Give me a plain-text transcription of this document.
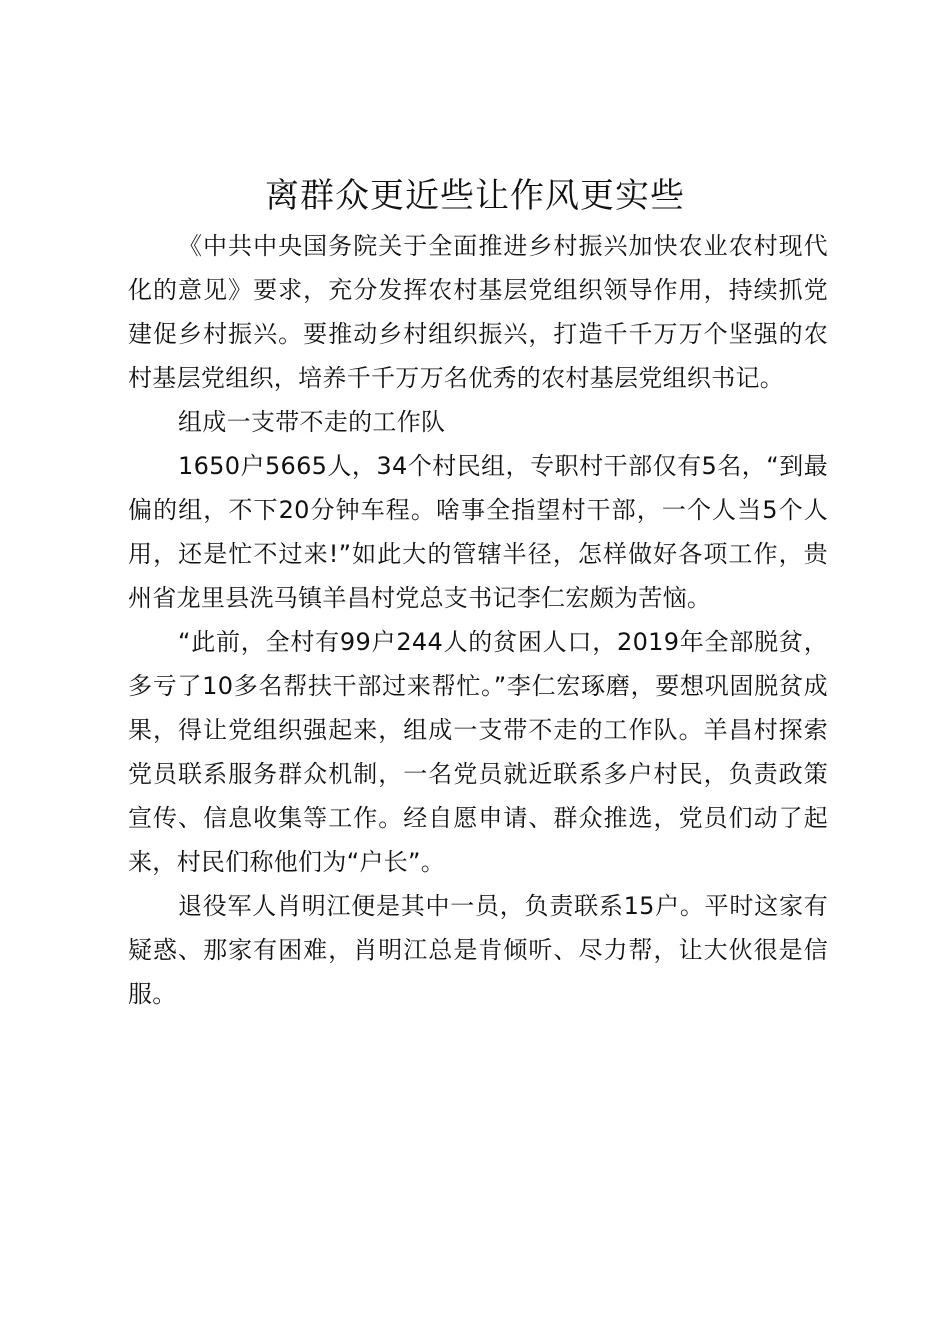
离群众更近些让作风更实些

《中共中央国务院关于全面推进乡村振兴加快农业农村现代化的意见》要求，充分发挥农村基层党组织领导作用，持续抓党建促乡村振兴。要推动乡村组织振兴，打造千千万万个坚强的农村基层党组织，培养千千万万名优秀的农村基层党组织书记。

组成一支带不走的工作队

1650户5665人，34个村民组，专职村干部仅有5名，“到最偏的组，不下20分钟车程。啥事全指望村干部，一个人当5个人用，还是忙不过来!”如此大的管辖半径，怎样做好各项工作，贵州省龙里县洗马镇羊昌村党总支书记李仁宏颇为苦恼。

“此前，全村有99户244人的贫困人口，2019年全部脱贫，多亏了10多名帮扶干部过来帮忙。”李仁宏琢磨，要想巩固脱贫成果，得让党组织强起来，组成一支带不走的工作队。羊昌村探索党员联系服务群众机制，一名党员就近联系多户村民，负责政策宣传、信息收集等工作。经自愿申请、群众推选，党员们动了起来，村民们称他们为“户长”。

退役军人肖明江便是其中一员，负责联系15户。平时这家有疑惑、那家有困难，肖明江总是肯倾听、尽力帮，让大伙很是信服。
